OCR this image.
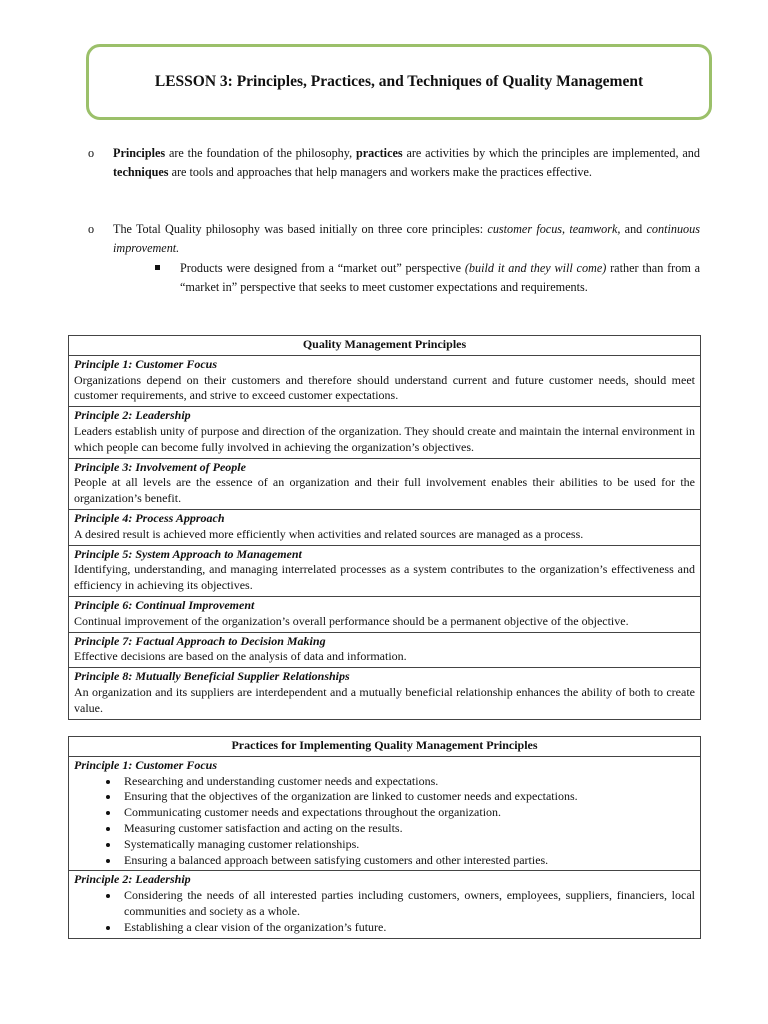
LESSON 3: Principles, Practices, and Techniques of Quality Management
o Principles are the foundation of the philosophy, practices are activities by which the principles are implemented, and techniques are tools and approaches that help managers and workers make the practices effective.
o The Total Quality philosophy was based initially on three core principles: customer focus, teamwork, and continuous improvement.
Products were designed from a “market out” perspective (build it and they will come) rather than from a “market in” perspective that seeks to meet customer expectations and requirements.
Quality Management Principles

Principle 1: Customer Focus
Organizations depend on their customers and therefore should understand current and future customer needs, should meet customer requirements, and strive to exceed customer expectations.

Principle 2: Leadership
Leaders establish unity of purpose and direction of the organization. They should create and maintain the internal environment in which people can become fully involved in achieving the organization’s objectives.

Principle 3: Involvement of People
People at all levels are the essence of an organization and their full involvement enables their abilities to be used for the organization’s benefit.

Principle 4: Process Approach
A desired result is achieved more efficiently when activities and related sources are managed as a process.

Principle 5: System Approach to Management
Identifying, understanding, and managing interrelated processes as a system contributes to the organization’s effectiveness and efficiency in achieving its objectives.

Principle 6: Continual Improvement
Continual improvement of the organization’s overall performance should be a permanent objective of the objective.

Principle 7: Factual Approach to Decision Making
Effective decisions are based on the analysis of data and information.

Principle 8: Mutually Beneficial Supplier Relationships
An organization and its suppliers are interdependent and a mutually beneficial relationship enhances the ability of both to create value.
Practices for Implementing Quality Management Principles

Principle 1: Customer Focus
• Researching and understanding customer needs and expectations.
• Ensuring that the objectives of the organization are linked to customer needs and expectations.
• Communicating customer needs and expectations throughout the organization.
• Measuring customer satisfaction and acting on the results.
• Systematically managing customer relationships.
• Ensuring a balanced approach between satisfying customers and other interested parties.

Principle 2: Leadership
• Considering the needs of all interested parties including customers, owners, employees, suppliers, financiers, local communities and society as a whole.
• Establishing a clear vision of the organization’s future.
